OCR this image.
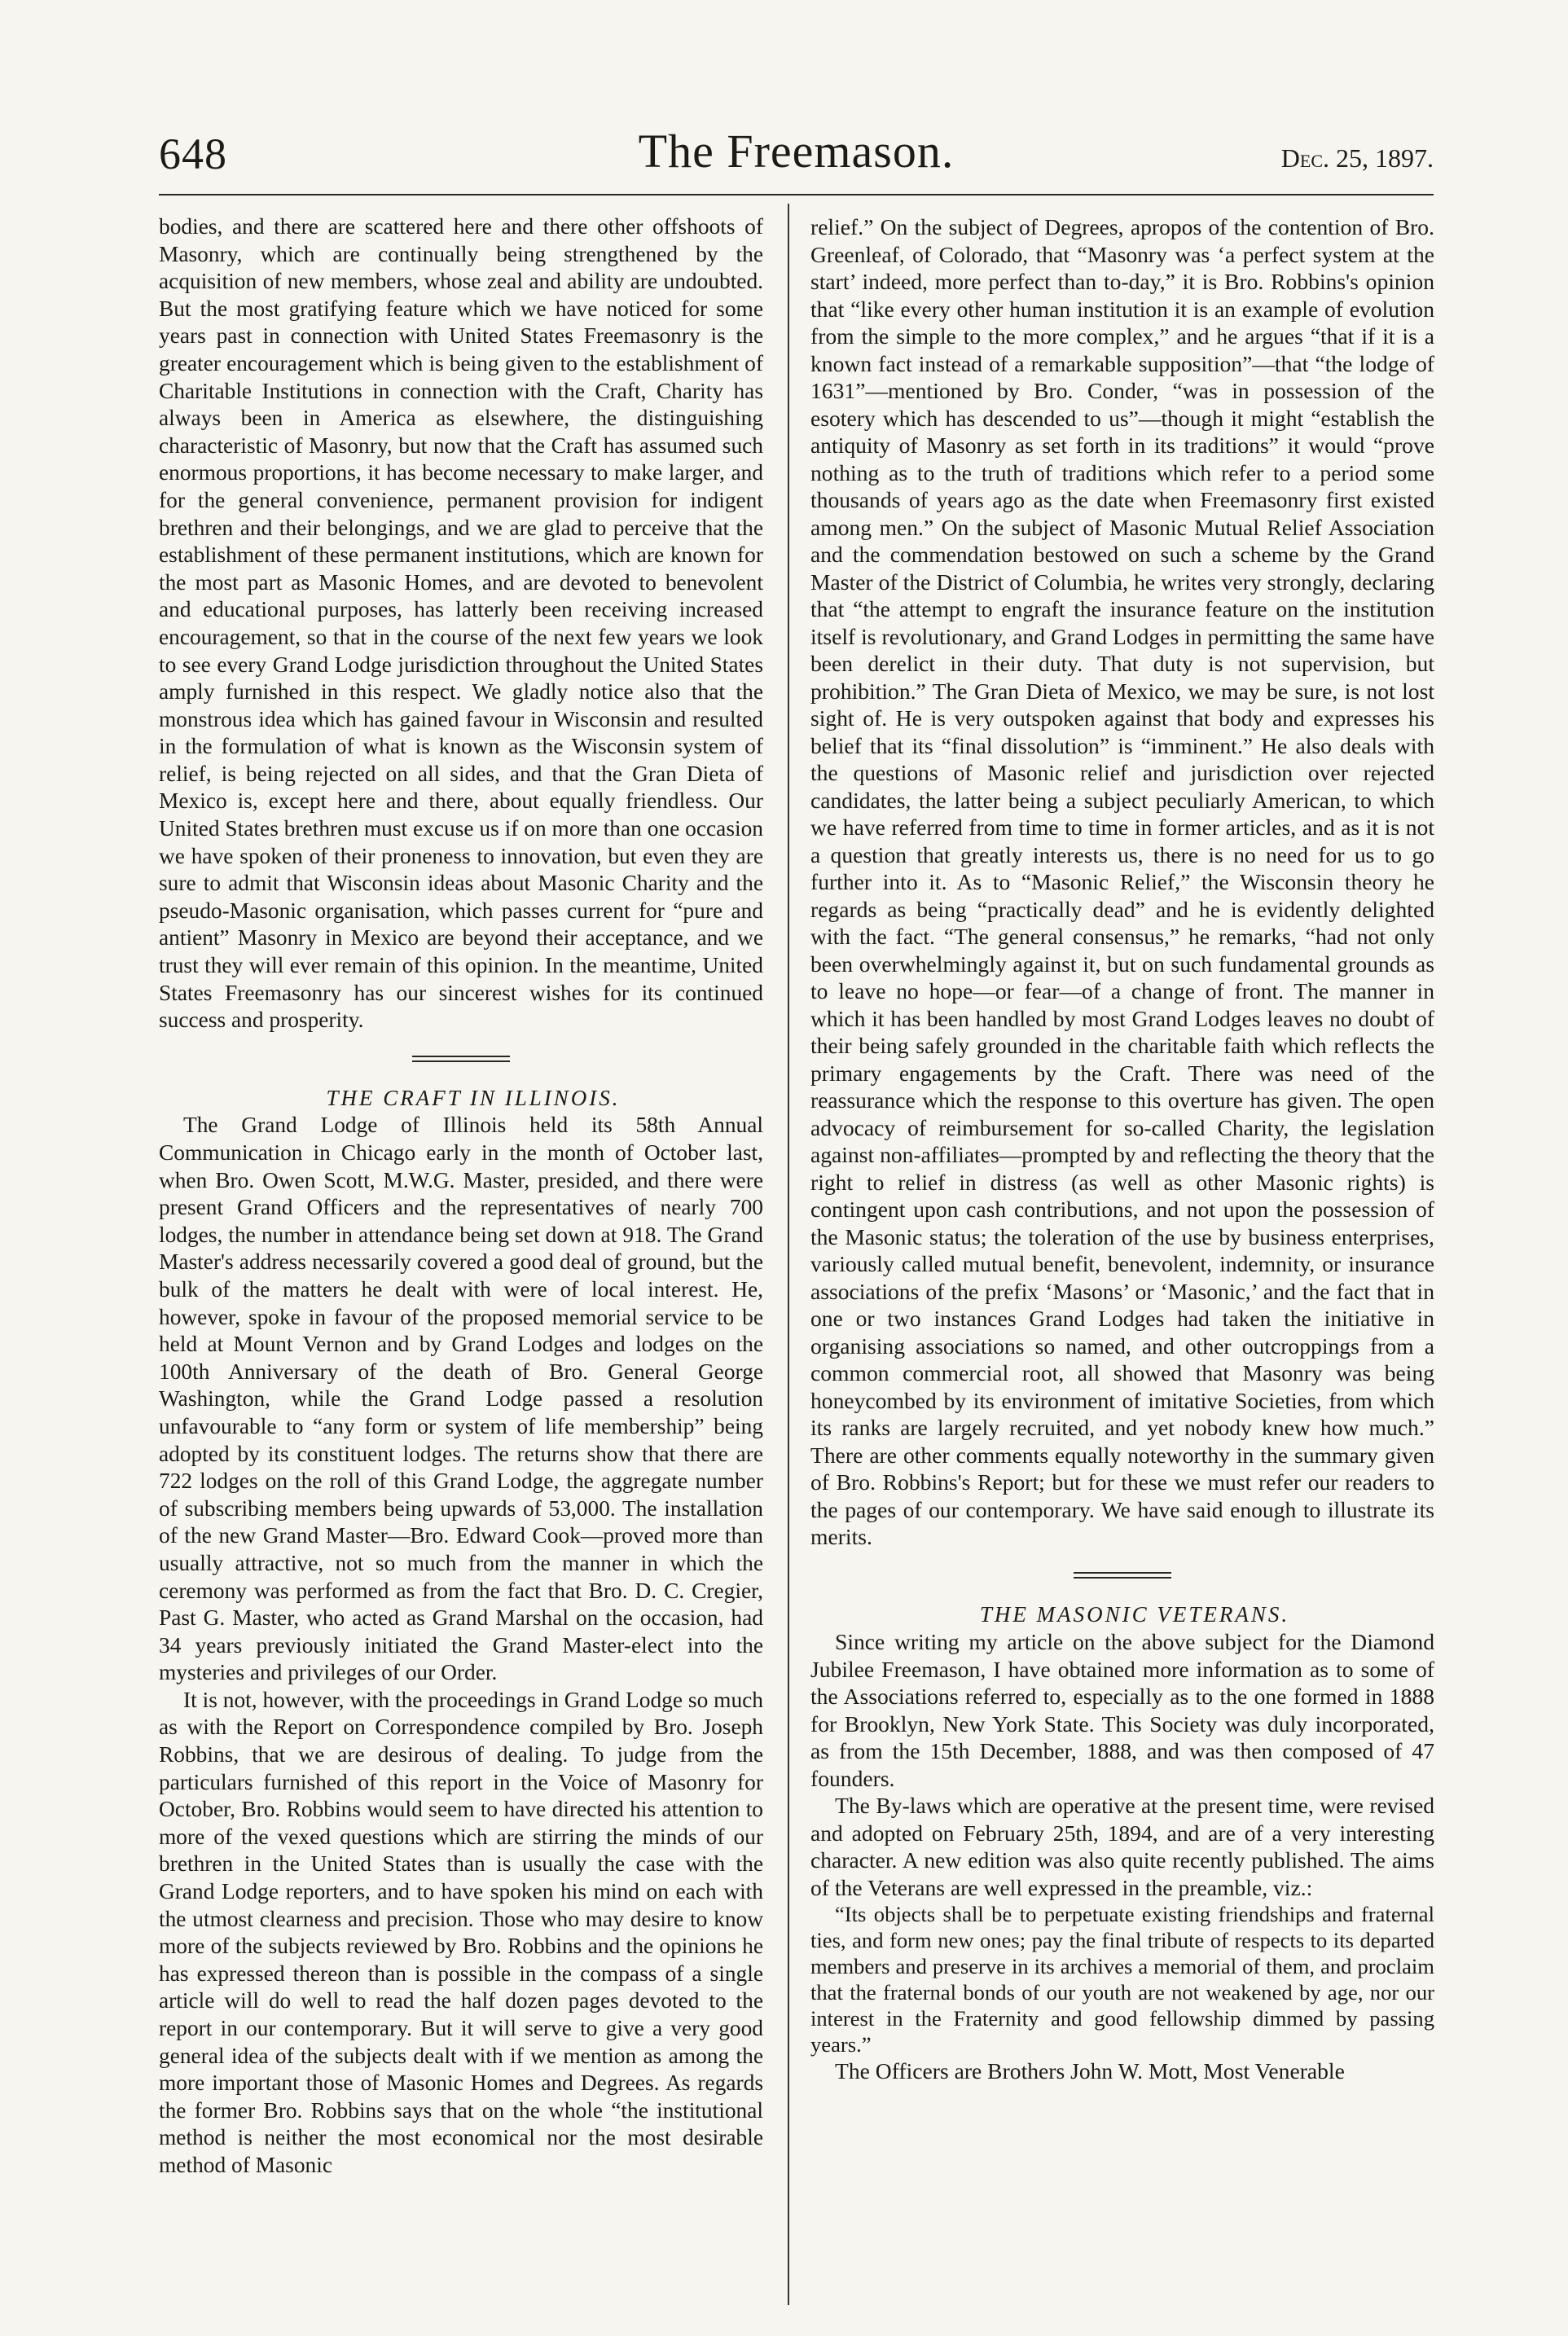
648	The Freemason.	Dec. 25, 1897.

bodies, and there are scattered here and there other offshoots of Masonry, which are continually being strengthened by the acquisition of new members, whose zeal and ability are undoubted. But the most gratifying feature which we have noticed for some years past in connection with United States Freemasonry is the greater encouragement which is being given to the establishment of Charitable Institutions in connection with the Craft, Charity has always been in America as elsewhere, the distinguishing characteristic of Masonry, but now that the Craft has assumed such enormous proportions, it has become necessary to make larger, and for the general convenience, permanent provision for indigent brethren and their belongings, and we are glad to perceive that the establishment of these permanent institutions, which are known for the most part as Masonic Homes, and are devoted to benevolent and educational purposes, has latterly been receiving increased encouragement, so that in the course of the next few years we look to see every Grand Lodge jurisdiction throughout the United States amply furnished in this respect. We gladly notice also that the monstrous idea which has gained favour in Wisconsin and resulted in the formulation of what is known as the Wisconsin system of relief, is being rejected on all sides, and that the Gran Dieta of Mexico is, except here and there, about equally friendless. Our United States brethren must excuse us if on more than one occasion we have spoken of their proneness to innovation, but even they are sure to admit that Wisconsin ideas about Masonic Charity and the pseudo-Masonic organisation, which passes current for “pure and antient” Masonry in Mexico are beyond their acceptance, and we trust they will ever remain of this opinion. In the meantime, United States Freemasonry has our sincerest wishes for its continued success and prosperity.

THE CRAFT IN ILLINOIS.

The Grand Lodge of Illinois held its 58th Annual Communication in Chicago early in the month of October last, when Bro. Owen Scott, M.W.G. Master, presided, and there were present Grand Officers and the representatives of nearly 700 lodges, the number in attendance being set down at 918. The Grand Master's address necessarily covered a good deal of ground, but the bulk of the matters he dealt with were of local interest. He, however, spoke in favour of the proposed memorial service to be held at Mount Vernon and by Grand Lodges and lodges on the 100th Anniversary of the death of Bro. General George Washington, while the Grand Lodge passed a resolution unfavourable to “any form or system of life membership” being adopted by its constituent lodges. The returns show that there are 722 lodges on the roll of this Grand Lodge, the aggregate number of subscribing members being upwards of 53,000. The installation of the new Grand Master—Bro. Edward Cook—proved more than usually attractive, not so much from the manner in which the ceremony was performed as from the fact that Bro. D. C. Cregier, Past G. Master, who acted as Grand Marshal on the occasion, had 34 years previously initiated the Grand Master-elect into the mysteries and privileges of our Order.

It is not, however, with the proceedings in Grand Lodge so much as with the Report on Correspondence compiled by Bro. Joseph Robbins, that we are desirous of dealing. To judge from the particulars furnished of this report in the Voice of Masonry for October, Bro. Robbins would seem to have directed his attention to more of the vexed questions which are stirring the minds of our brethren in the United States than is usually the case with the Grand Lodge reporters, and to have spoken his mind on each with the utmost clearness and precision. Those who may desire to know more of the subjects reviewed by Bro. Robbins and the opinions he has expressed thereon than is possible in the compass of a single article will do well to read the half dozen pages devoted to the report in our contemporary. But it will serve to give a very good general idea of the subjects dealt with if we mention as among the more important those of Masonic Homes and Degrees. As regards the former Bro. Robbins says that on the whole “the institutional method is neither the most economical nor the most desirable method of Masonic

relief.” On the subject of Degrees, apropos of the contention of Bro. Greenleaf, of Colorado, that “Masonry was ‘a perfect system at the start’ indeed, more perfect than to-day,” it is Bro. Robbins's opinion that “like every other human institution it is an example of evolution from the simple to the more complex,” and he argues “that if it is a known fact instead of a remarkable supposition”—that “the lodge of 1631”—mentioned by Bro. Conder, “was in possession of the esotery which has descended to us”—though it might “establish the antiquity of Masonry as set forth in its traditions” it would “prove nothing as to the truth of traditions which refer to a period some thousands of years ago as the date when Freemasonry first existed among men.” On the subject of Masonic Mutual Relief Association and the commendation bestowed on such a scheme by the Grand Master of the District of Columbia, he writes very strongly, declaring that “the attempt to engraft the insurance feature on the institution itself is revolutionary, and Grand Lodges in permitting the same have been derelict in their duty. That duty is not supervision, but prohibition.” The Gran Dieta of Mexico, we may be sure, is not lost sight of. He is very outspoken against that body and expresses his belief that its “final dissolution” is “imminent.” He also deals with the questions of Masonic relief and jurisdiction over rejected candidates, the latter being a subject peculiarly American, to which we have referred from time to time in former articles, and as it is not a question that greatly interests us, there is no need for us to go further into it. As to “Masonic Relief,” the Wisconsin theory he regards as being “practically dead” and he is evidently delighted with the fact. “The general consensus,” he remarks, “had not only been overwhelmingly against it, but on such fundamental grounds as to leave no hope—or fear—of a change of front. The manner in which it has been handled by most Grand Lodges leaves no doubt of their being safely grounded in the charitable faith which reflects the primary engagements by the Craft. There was need of the reassurance which the response to this overture has given. The open advocacy of reimbursement for so-called Charity, the legislation against non-affiliates—prompted by and reflecting the theory that the right to relief in distress (as well as other Masonic rights) is contingent upon cash contributions, and not upon the possession of the Masonic status; the toleration of the use by business enterprises, variously called mutual benefit, benevolent, indemnity, or insurance associations of the prefix ‘Masons’ or ‘Masonic,’ and the fact that in one or two instances Grand Lodges had taken the initiative in organising associations so named, and other outcroppings from a common commercial root, all showed that Masonry was being honeycombed by its environment of imitative Societies, from which its ranks are largely recruited, and yet nobody knew how much.” There are other comments equally noteworthy in the summary given of Bro. Robbins's Report; but for these we must refer our readers to the pages of our contemporary. We have said enough to illustrate its merits.

THE MASONIC VETERANS.

Since writing my article on the above subject for the Diamond Jubilee Freemason, I have obtained more information as to some of the Associations referred to, especially as to the one formed in 1888 for Brooklyn, New York State. This Society was duly incorporated, as from the 15th December, 1888, and was then composed of 47 founders.

The By-laws which are operative at the present time, were revised and adopted on February 25th, 1894, and are of a very interesting character. A new edition was also quite recently published. The aims of the Veterans are well expressed in the preamble, viz.:

“Its objects shall be to perpetuate existing friendships and fraternal ties, and form new ones; pay the final tribute of respects to its departed members and preserve in its archives a memorial of them, and proclaim that the fraternal bonds of our youth are not weakened by age, nor our interest in the Fraternity and good fellowship dimmed by passing years.”

The Officers are Brothers John W. Mott, Most Venerable
